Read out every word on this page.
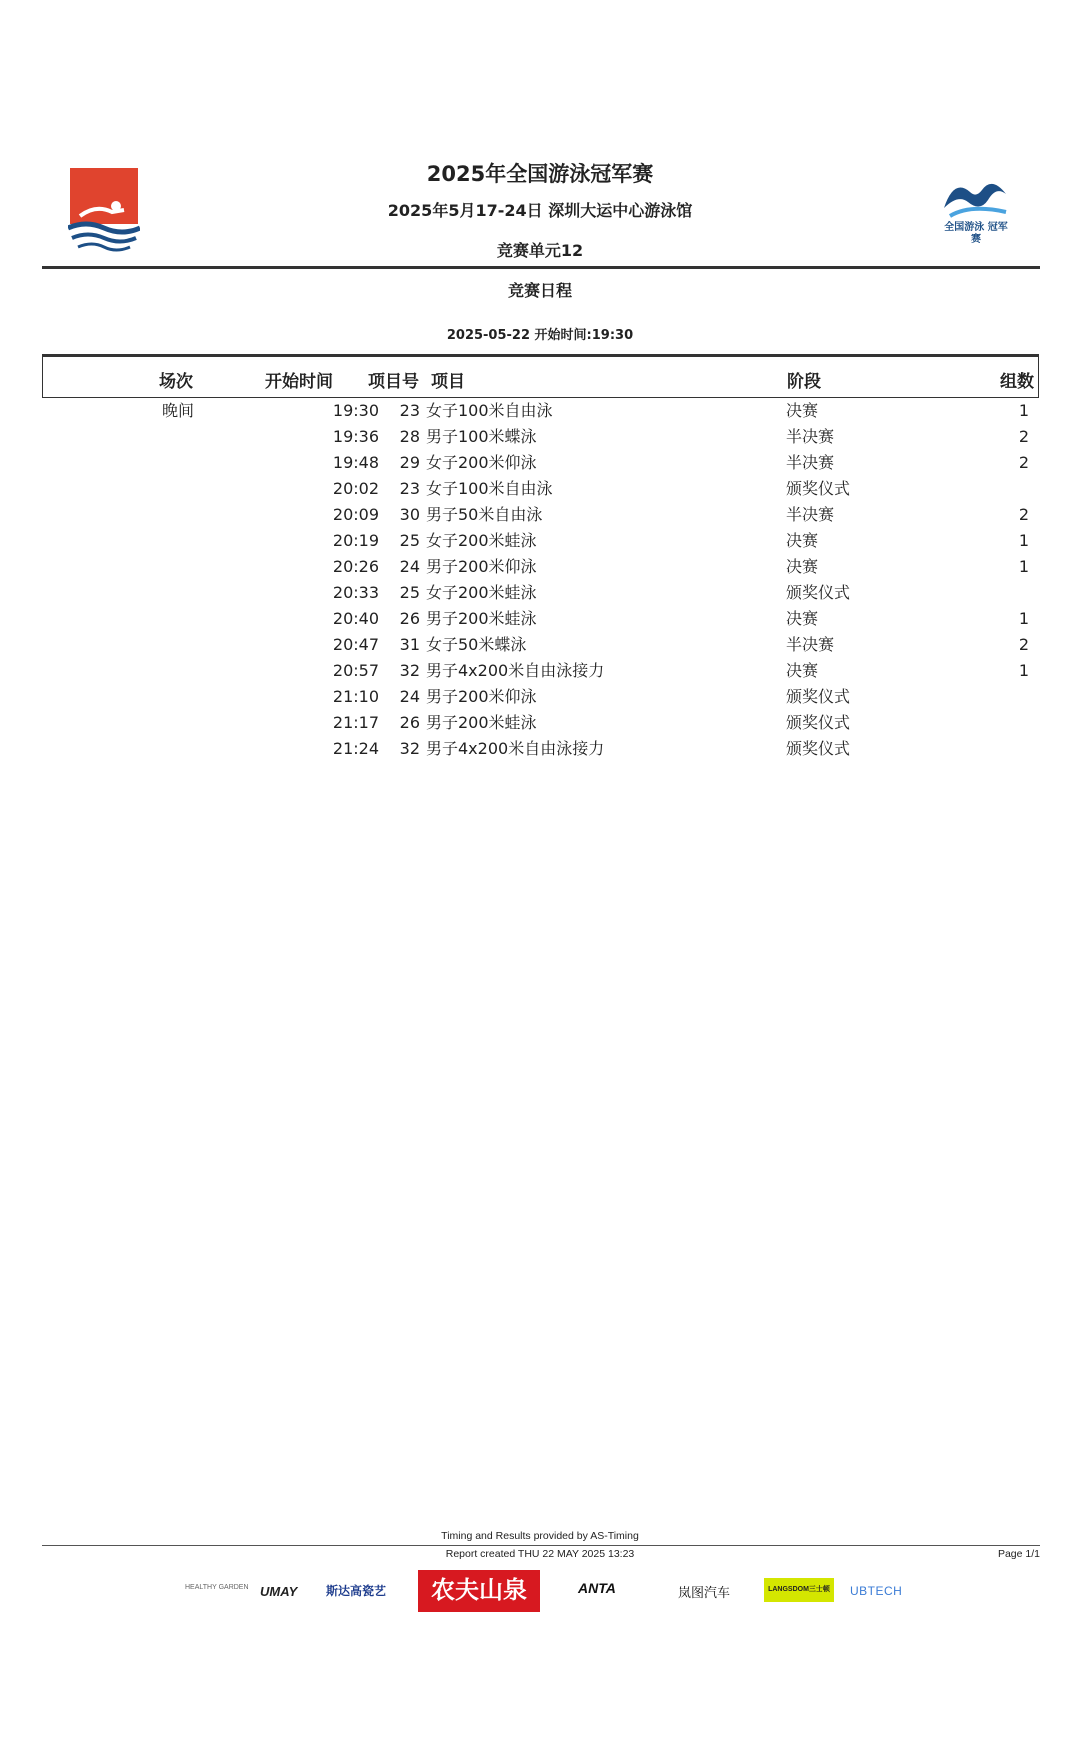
全国游泳 冠军赛
2025年全国游泳冠军赛
2025年5月17-24日 深圳大运中心游泳馆
竞赛单元12
竞赛日程
2025-05-22 开始时间:19:30
场次	开始时间 项目号 项目	阶段	组数
晚间	19:30	23 女子100米自由泳	决赛	1
19:36	28 男子100米蝶泳	半决赛	2
19:48	29 女子200米仰泳	半决赛	2
20:02	23 女子100米自由泳	颁奖仪式
20:09	30 男子50米自由泳	半决赛	2
20:19	25 女子200米蛙泳	决赛	1
20:26	24 男子200米仰泳	决赛	1
20:33	25 女子200米蛙泳	颁奖仪式
20:40	26 男子200米蛙泳	决赛	1
20:47	31 女子50米蝶泳	半决赛	2
20:57	32 男子4x200米自由泳接力	决赛	1
21:10	24 男子200米仰泳	颁奖仪式
21:17	26 男子200米蛙泳	颁奖仪式
21:24	32 男子4x200米自由泳接力	颁奖仪式
Timing and Results provided by AS-Timing
Report created THU 22 MAY 2025 13:23	Page 1/1
HEALTHY GARDEN UMAY 斯达高瓷艺	农夫山泉	ANTA	岚图汽车	LANGSDOM三士顿	UBTECH
